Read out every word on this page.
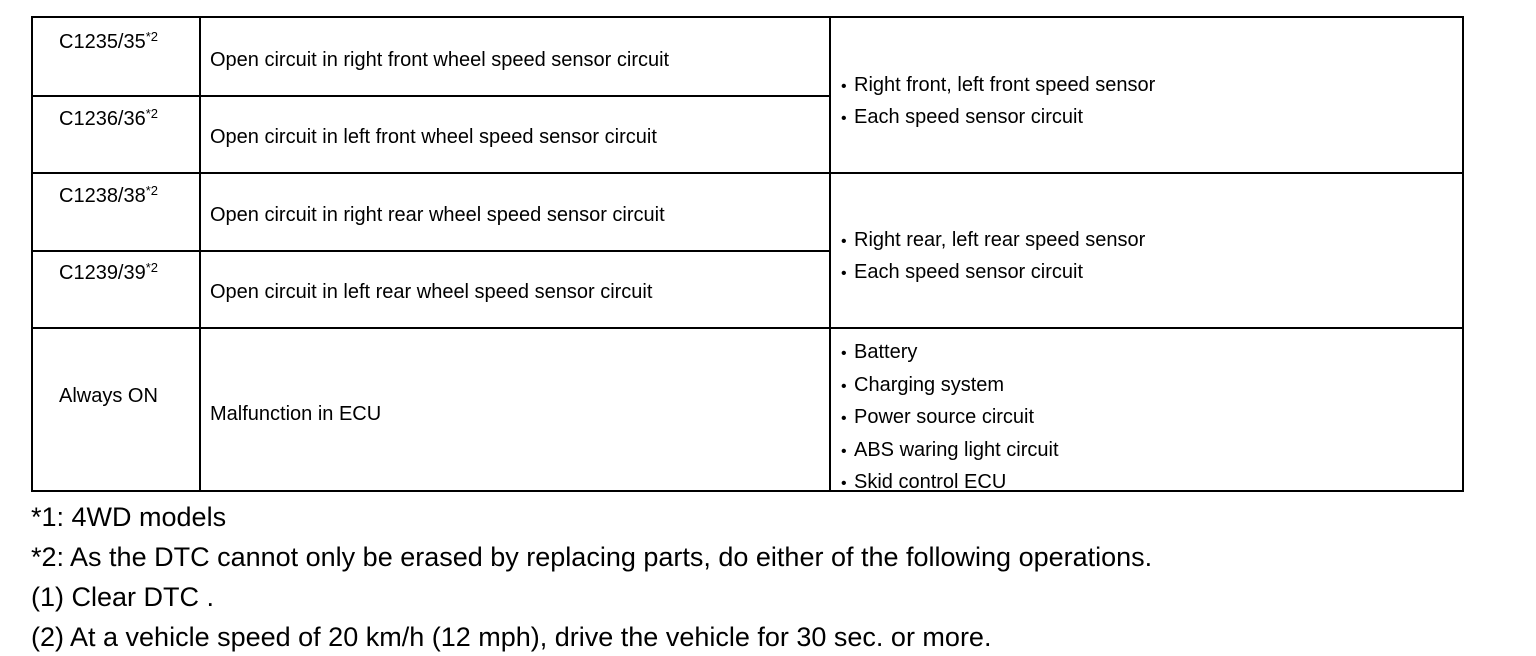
C1235/35$^{*2}$
Open circuit in right front wheel speed sensor circuit
C1236/36$^{*2}$
Open circuit in left front wheel speed sensor circuit
C1238/38$^{*2}$
Open circuit in right rear wheel speed sensor circuit
C1239/39$^{*2}$
Open circuit in left rear wheel speed sensor circuit
Always ON
Malfunction in ECU
• Right front, left front speed sensor
• Each speed sensor circuit
• Right rear, left rear speed sensor
• Each speed sensor circuit
• Battery
• Charging system
• Power source circuit
• ABS waring light circuit
• Skid control ECU
*1: 4WD models
*2: As the DTC cannot only be erased by replacing parts, do either of the following operations.
(1) Clear DTC .
(2) At a vehicle speed of 20 km/h (12 mph), drive the vehicle for 30 sec. or more.
